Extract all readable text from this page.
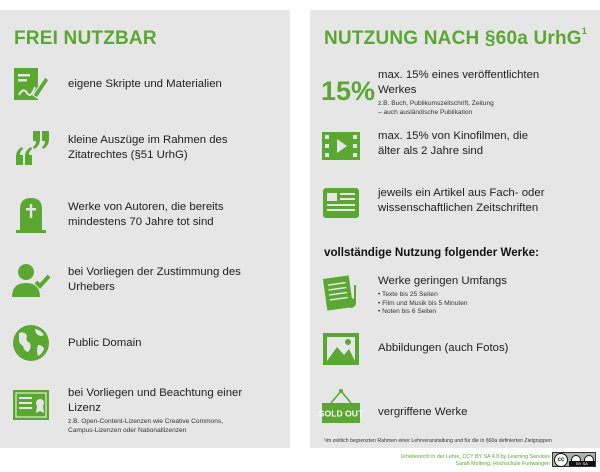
FREI NUTZBAR
eigene Skripte und Materialien
kleine Auszüge im Rahmen des Zitatrechtes (§51 UrhG)
Werke von Autoren, die bereits mindestens 70 Jahre tot sind
bei Vorliegen der Zustimmung des Urhebers
Public Domain
bei Vorliegen und Beachtung einer Lizenz
z.B. Open-Content-Lizenzen wie Creative Commons,
Campus-Lizenzen oder Nationallizenzen
NUTZUNG NACH §60a UrhG$^1$
15%
max. 15% eines veröffentlichten Werkes
z.B. Buch, Publikumszeitschrift, Zeitung
– auch ausländische Publikation
max. 15% von Kinofilmen, die älter als 2 Jahre sind
jeweils ein Artikel aus Fach- oder wissenschaftlichen Zeitschriften
vollständige Nutzung folgender Werke:
Werke geringen Umfangs
• Texte bis 25 Seiten
• Film und Musik bis 5 Minuten
• Noten bis 6 Seiten
Abbildungen (auch Fotos)
SOLD OUT vergriffene Werke
¹im zeitlich begrenzten Rahmen einer Lehrveranstaltung und für die in §60a definierten Zielgruppen
Urheberecht in der Lehre, CCY BY SA 4.0 by Learning Services
Sarah Molteng, Hochschule Furtwangen
cc
BY SA
